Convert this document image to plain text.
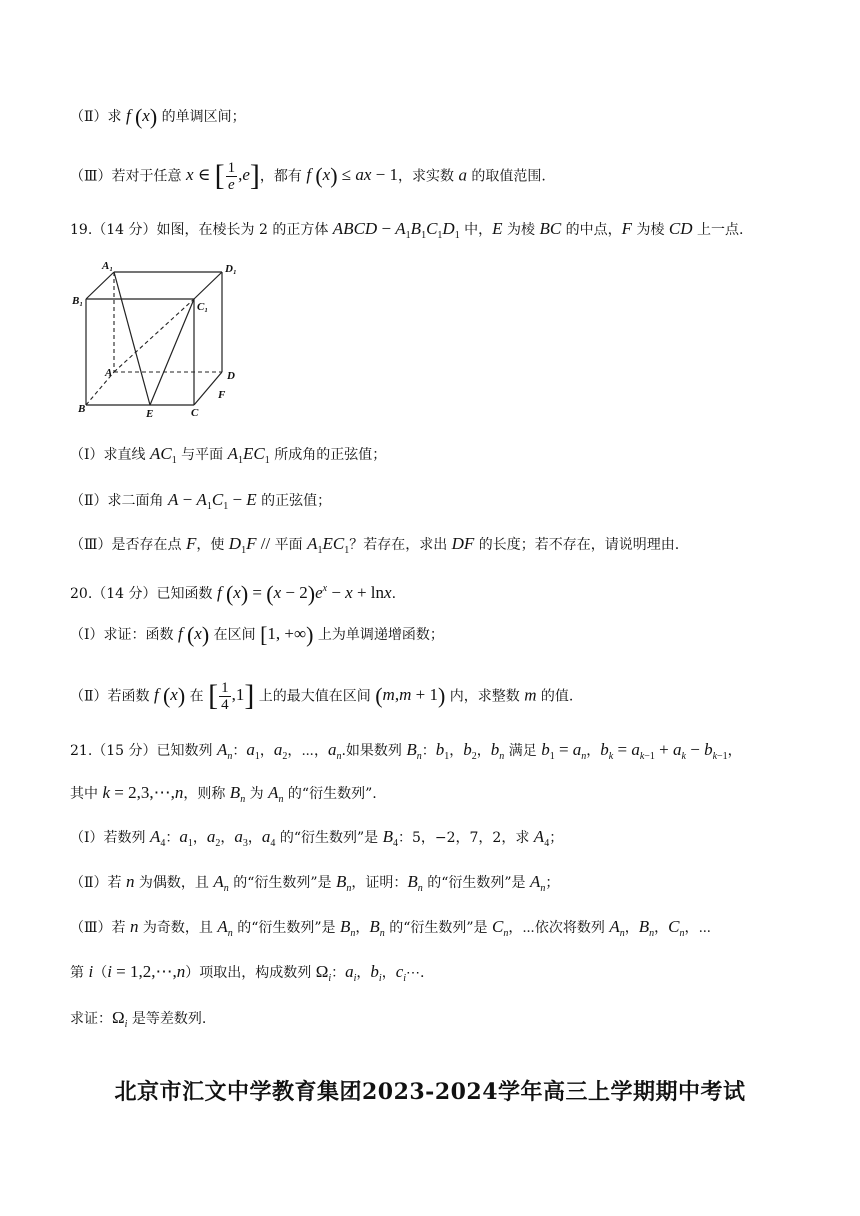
（Ⅱ）求 f (x) 的单调区间；
（Ⅲ）若对于任意 x ∈ [ $\frac{1}{e} ,e$]，都有 f (x) ≤ ax − 1，求实数 a 的取值范围.
19.（14 分）如图，在棱长为 2 的正方体 ABCD − $A_1B_1C_1D_1$ 中，E 为棱 BC 的中点，F 为棱 CD 上一点.
A₁	D₁
B₁	C₁
A	D
B	E	C
F
（Ⅰ）求直线 $AC_1$ 与平面 $A_1EC_1$ 所成角的正弦值；
（Ⅱ）求二面角 $A - A_1C_1 - E$ 的正弦值；
（Ⅲ）是否存在点 F，使 $D_1F$ // 平面 $A_1EC_1$？若存在，求出 DF 的长度；若不存在，请说明理由.
20.（14 分）已知函数 f $(x) = (x - 2)e^x - x + \ln x$.
（Ⅰ）求证：函数 f (x) 在区间 [1, +∞) 上为单调递增函数；
（Ⅱ）若函数 f (x) 在 [ $\frac{1}{4} ,1$] 上的最大值在区间 (m,m + 1) 内，求整数 m 的值.
21.（15 分）已知数列 $A_n$：$a_1$，$a_2$，⋯，$a_n$.如果数列 $B_n$：$b_1$，$b_2$，$b_n$ 满足 $b_1 = a_n$，$b_k = a_{k-1} + a_k - b_{k-1}$，
其中 k = 2,3,⋯,n，则称 $B_n$ 为 $A_n$ 的“衍生数列”.
（Ⅰ）若数列 $A_4$：$a_1$，$a_2$，$a_3$，$a_4$ 的“衍生数列”是 $B_4$：5，−2，7，2，求 $A_4$；
（Ⅱ）若 n 为偶数，且 $A_n$ 的“衍生数列”是 $B_n$，证明：$B_n$ 的“衍生数列”是 $A_n$；
（Ⅲ）若 n 为奇数，且 $A_n$ 的“衍生数列”是 $B_n$，$B_n$ 的“衍生数列”是 $C_n$，⋯依次将数列 $A_n$，$B_n$，$C_n$，⋯
第 i（i = 1,2,⋯,n）项取出，构成数列 $\Omega_i$：$a_i$，$b_i$，$c_i\cdots$.
求证：$\Omega_i$ 是等差数列.
北京市汇文中学教育集团2023-2024学年高三上学期期中考试
